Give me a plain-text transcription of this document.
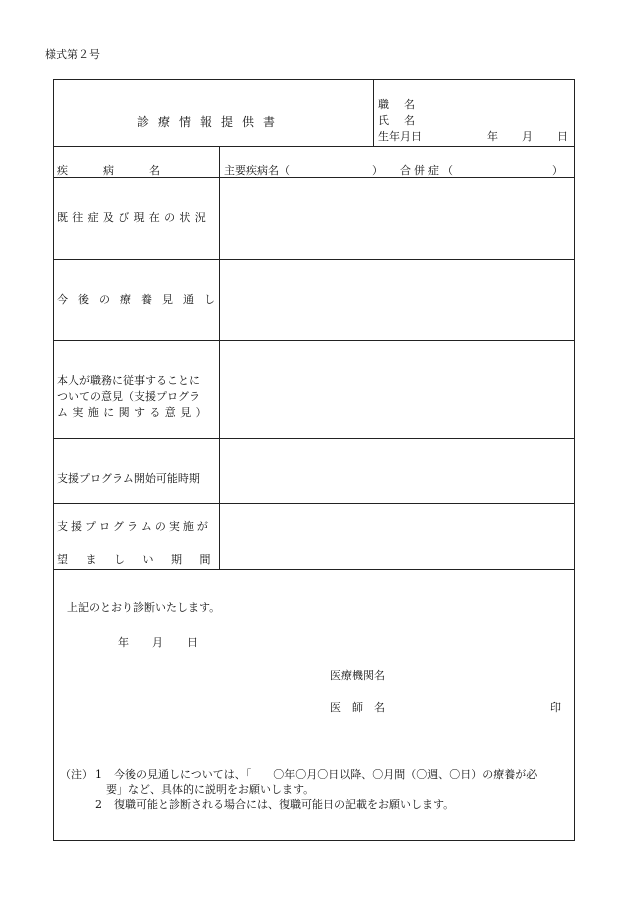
様式第２号
診療情報提供書
職　名
氏　名
生年月日	年 月 日
疾病名	主要疾病名（	） 合併症（	）
既往症及び現在の状況
今後の療養見通し
本人が職務に従事することに
ついての意見（支援プログラ
ム実施に関する意見）
支援プログラム開始可能時期
支援プログラムの実施が
望ましい期間
上記のとおり診断いたします。
年 月 日
医療機関名
医　師　名	印
（注） 1 今後の見通しについては、「　　〇年〇月〇日以降、〇月間（〇週、〇日）の療養が必
要」など、具体的に説明をお願いします。
2 復職可能と診断される場合には、復職可能日の記載をお願いします。
